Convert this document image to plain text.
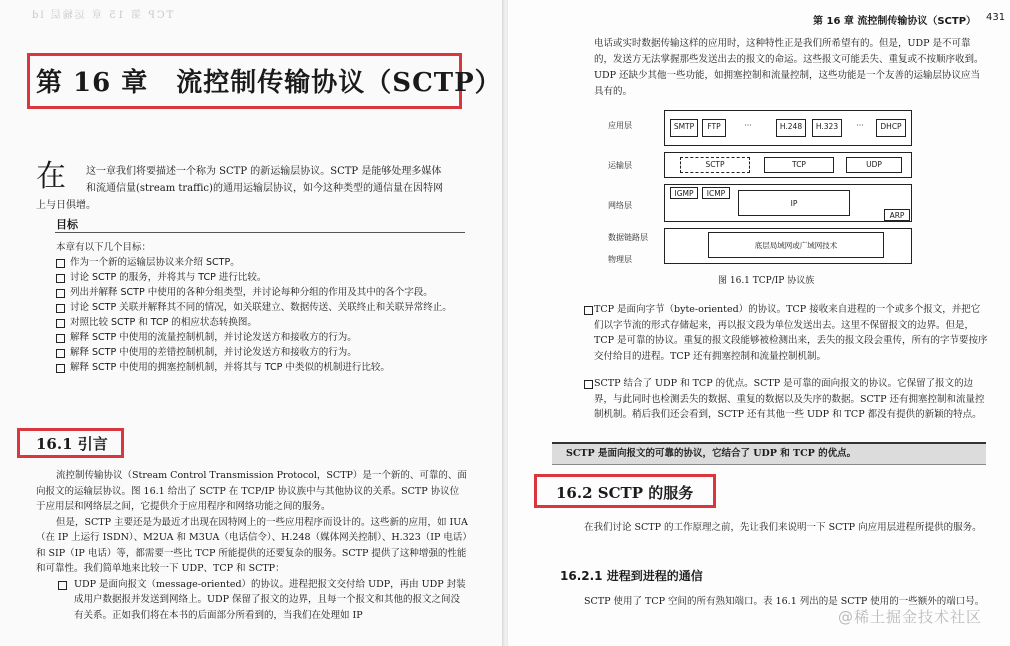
TCP 第 15 章 运输层 ld
第 16 章 流控制传输协议（SCTP）
在	这一章我们将要描述一个称为 SCTP 的新运输层协议。SCTP 是能够处理多媒体
和流通信量(stream traffic)的通用运输层协议，如今这种类型的通信量在因特网
上与日俱增。
目标
本章有以下几个目标：
作为一个新的运输层协议来介绍 SCTP。
讨论 SCTP 的服务，并将其与 TCP 进行比较。
列出并解释 SCTP 中使用的各种分组类型，并讨论每种分组的作用及其中的各个字段。
讨论 SCTP 关联并解释其不同的情况，如关联建立、数据传送、关联终止和关联异常终止。
对照比较 SCTP 和 TCP 的相应状态转换图。
解释 SCTP 中使用的流量控制机制，并讨论发送方和接收方的行为。
解释 SCTP 中使用的差错控制机制，并讨论发送方和接收方的行为。
解释 SCTP 中使用的拥塞控制机制，并将其与 TCP 中类似的机制进行比较。
16.1 引言

流控制传输协议（Stream Control Transmission Protocol，SCTP）是一个新的、可靠的、面向报文的运输层协议。图 16.1 给出了 SCTP 在 TCP/IP 协议族中与其他协议的关系。SCTP 协议位于应用层和网络层之间，它提供介于应用程序和网络功能之间的服务。

但是，SCTP 主要还是为最近才出现在因特网上的一些应用程序而设计的。这些新的应用，如 IUA（在 IP 上运行 ISDN）、M2UA 和 M3UA（电话信令）、H.248（媒体网关控制）、H.323（IP 电话）和 SIP（IP 电话）等，都需要一些比 TCP 所能提供的还要复杂的服务。SCTP 提供了这种增强的性能和可靠性。我们简单地来比较一下 UDP、TCP 和 SCTP：

UDP 是面向报文（message-oriented）的协议。进程把报文交付给 UDP，再由 UDP 封装成用户数据报并发送到网络上。UDP 保留了报文的边界，且每一个报文和其他的报文之间没有关系。正如我们将在本书的后面部分所看到的，当我们在处理如 IP

第 16 章 流控制传输协议（SCTP） 431
电话或实时数据传输这样的应用时，这种特性正是我们所希望有的。但是，UDP 是不可靠的，发送方无法掌握那些发送出去的报文的命运。这些报文可能丢失、重复或不按顺序收到。UDP 还缺少其他一些功能，如拥塞控制和流量控制，这些功能是一个友善的运输层协议应当具有的。
应用层
运输层
网络层
数据链路层
物理层
SMTP	FTP	···	H.248	H.323	···	DHCP
SCTP	TCP	UDP
IGMP	ICMP
IP
ARP
底层局域网或广域网技术
图 16.1 TCP/IP 协议族
TCP 是面向字节（byte-oriented）的协议。TCP 接收来自进程的一个或多个报文，并把它们以字节流的形式存储起来，再以报文段为单位发送出去。这里不保留报文的边界。但是，TCP 是可靠的协议。重复的报文段能够被检测出来，丢失的报文段会重传，所有的字节要按序交付给目的进程。TCP 还有拥塞控制和流量控制机制。
SCTP 结合了 UDP 和 TCP 的优点。SCTP 是可靠的面向报文的协议。它保留了报文的边界，与此同时也检测丢失的数据、重复的数据以及失序的数据。SCTP 还有拥塞控制和流量控制机制。稍后我们还会看到，SCTP 还有其他一些 UDP 和 TCP 都没有提供的新颖的特点。
SCTP 是面向报文的可靠的协议，它结合了 UDP 和 TCP 的优点。
16.2 SCTP 的服务

在我们讨论 SCTP 的工作原理之前，先让我们来说明一下 SCTP 向应用层进程所提供的服务。

16.2.1 进程到进程的通信

SCTP 使用了 TCP 空间的所有熟知端口。表 16.1 列出的是 SCTP 使用的一些额外的端口号。

@稀土掘金技术社区
